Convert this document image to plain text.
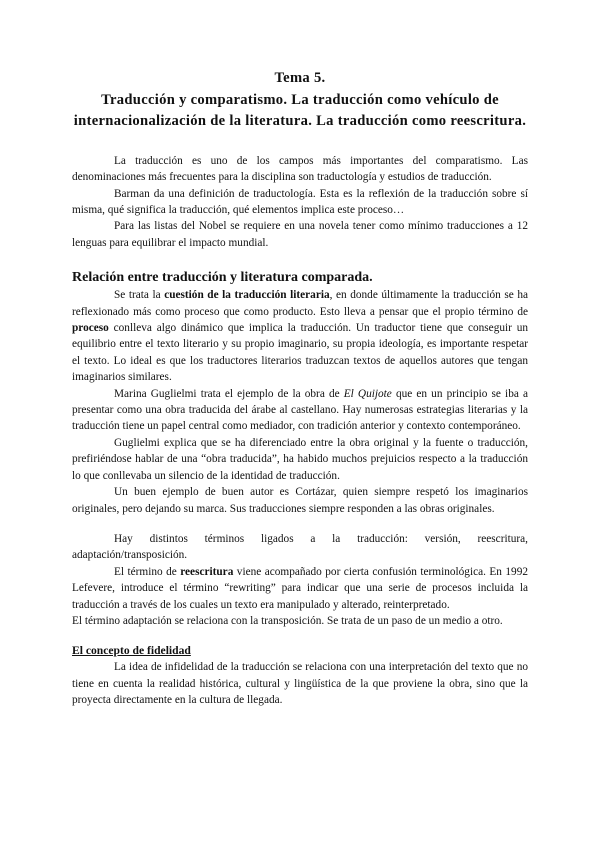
Tema 5.
Traducción y comparatismo. La traducción como vehículo de internacionalización de la literatura. La traducción como reescritura.

La traducción es uno de los campos más importantes del comparatismo. Las denominaciones más frecuentes para la disciplina son traductología y estudios de traducción.

Barman da una definición de traductología. Esta es la reflexión de la traducción sobre sí misma, qué significa la traducción, qué elementos implica este proceso…

Para las listas del Nobel se requiere en una novela tener como mínimo traducciones a 12 lenguas para equilibrar el impacto mundial.

Relación entre traducción y literatura comparada.

Se trata la cuestión de la traducción literaria, en donde últimamente la traducción se ha reflexionado más como proceso que como producto. Esto lleva a pensar que el propio término de proceso conlleva algo dinámico que implica la traducción. Un traductor tiene que conseguir un equilibrio entre el texto literario y su propio imaginario, su propia ideología, es importante respetar el texto. Lo ideal es que los traductores literarios traduzcan textos de aquellos autores que tengan imaginarios similares.

Marina Guglielmi trata el ejemplo de la obra de El Quijote que en un principio se iba a presentar como una obra traducida del árabe al castellano. Hay numerosas estrategias literarias y la traducción tiene un papel central como mediador, con tradición anterior y contexto contemporáneo.

Guglielmi explica que se ha diferenciado entre la obra original y la fuente o traducción, prefiriéndose hablar de una “obra traducida”, ha habido muchos prejuicios respecto a la traducción lo que conllevaba un silencio de la identidad de traducción.

Un buen ejemplo de buen autor es Cortázar, quien siempre respetó los imaginarios originales, pero dejando su marca. Sus traducciones siempre responden a las obras originales.

Hay distintos términos ligados a la traducción: versión, reescritura, adaptación/transposición.

El término de reescritura viene acompañado por cierta confusión terminológica. En 1992 Lefevere, introduce el término “rewriting” para indicar que una serie de procesos incluida la traducción a través de los cuales un texto era manipulado y alterado, reinterpretado.

El término adaptación se relaciona con la transposición. Se trata de un paso de un medio a otro.

El concepto de fidelidad

La idea de infidelidad de la traducción se relaciona con una interpretación del texto que no tiene en cuenta la realidad histórica, cultural y lingüística de la que proviene la obra, sino que la proyecta directamente en la cultura de llegada.
